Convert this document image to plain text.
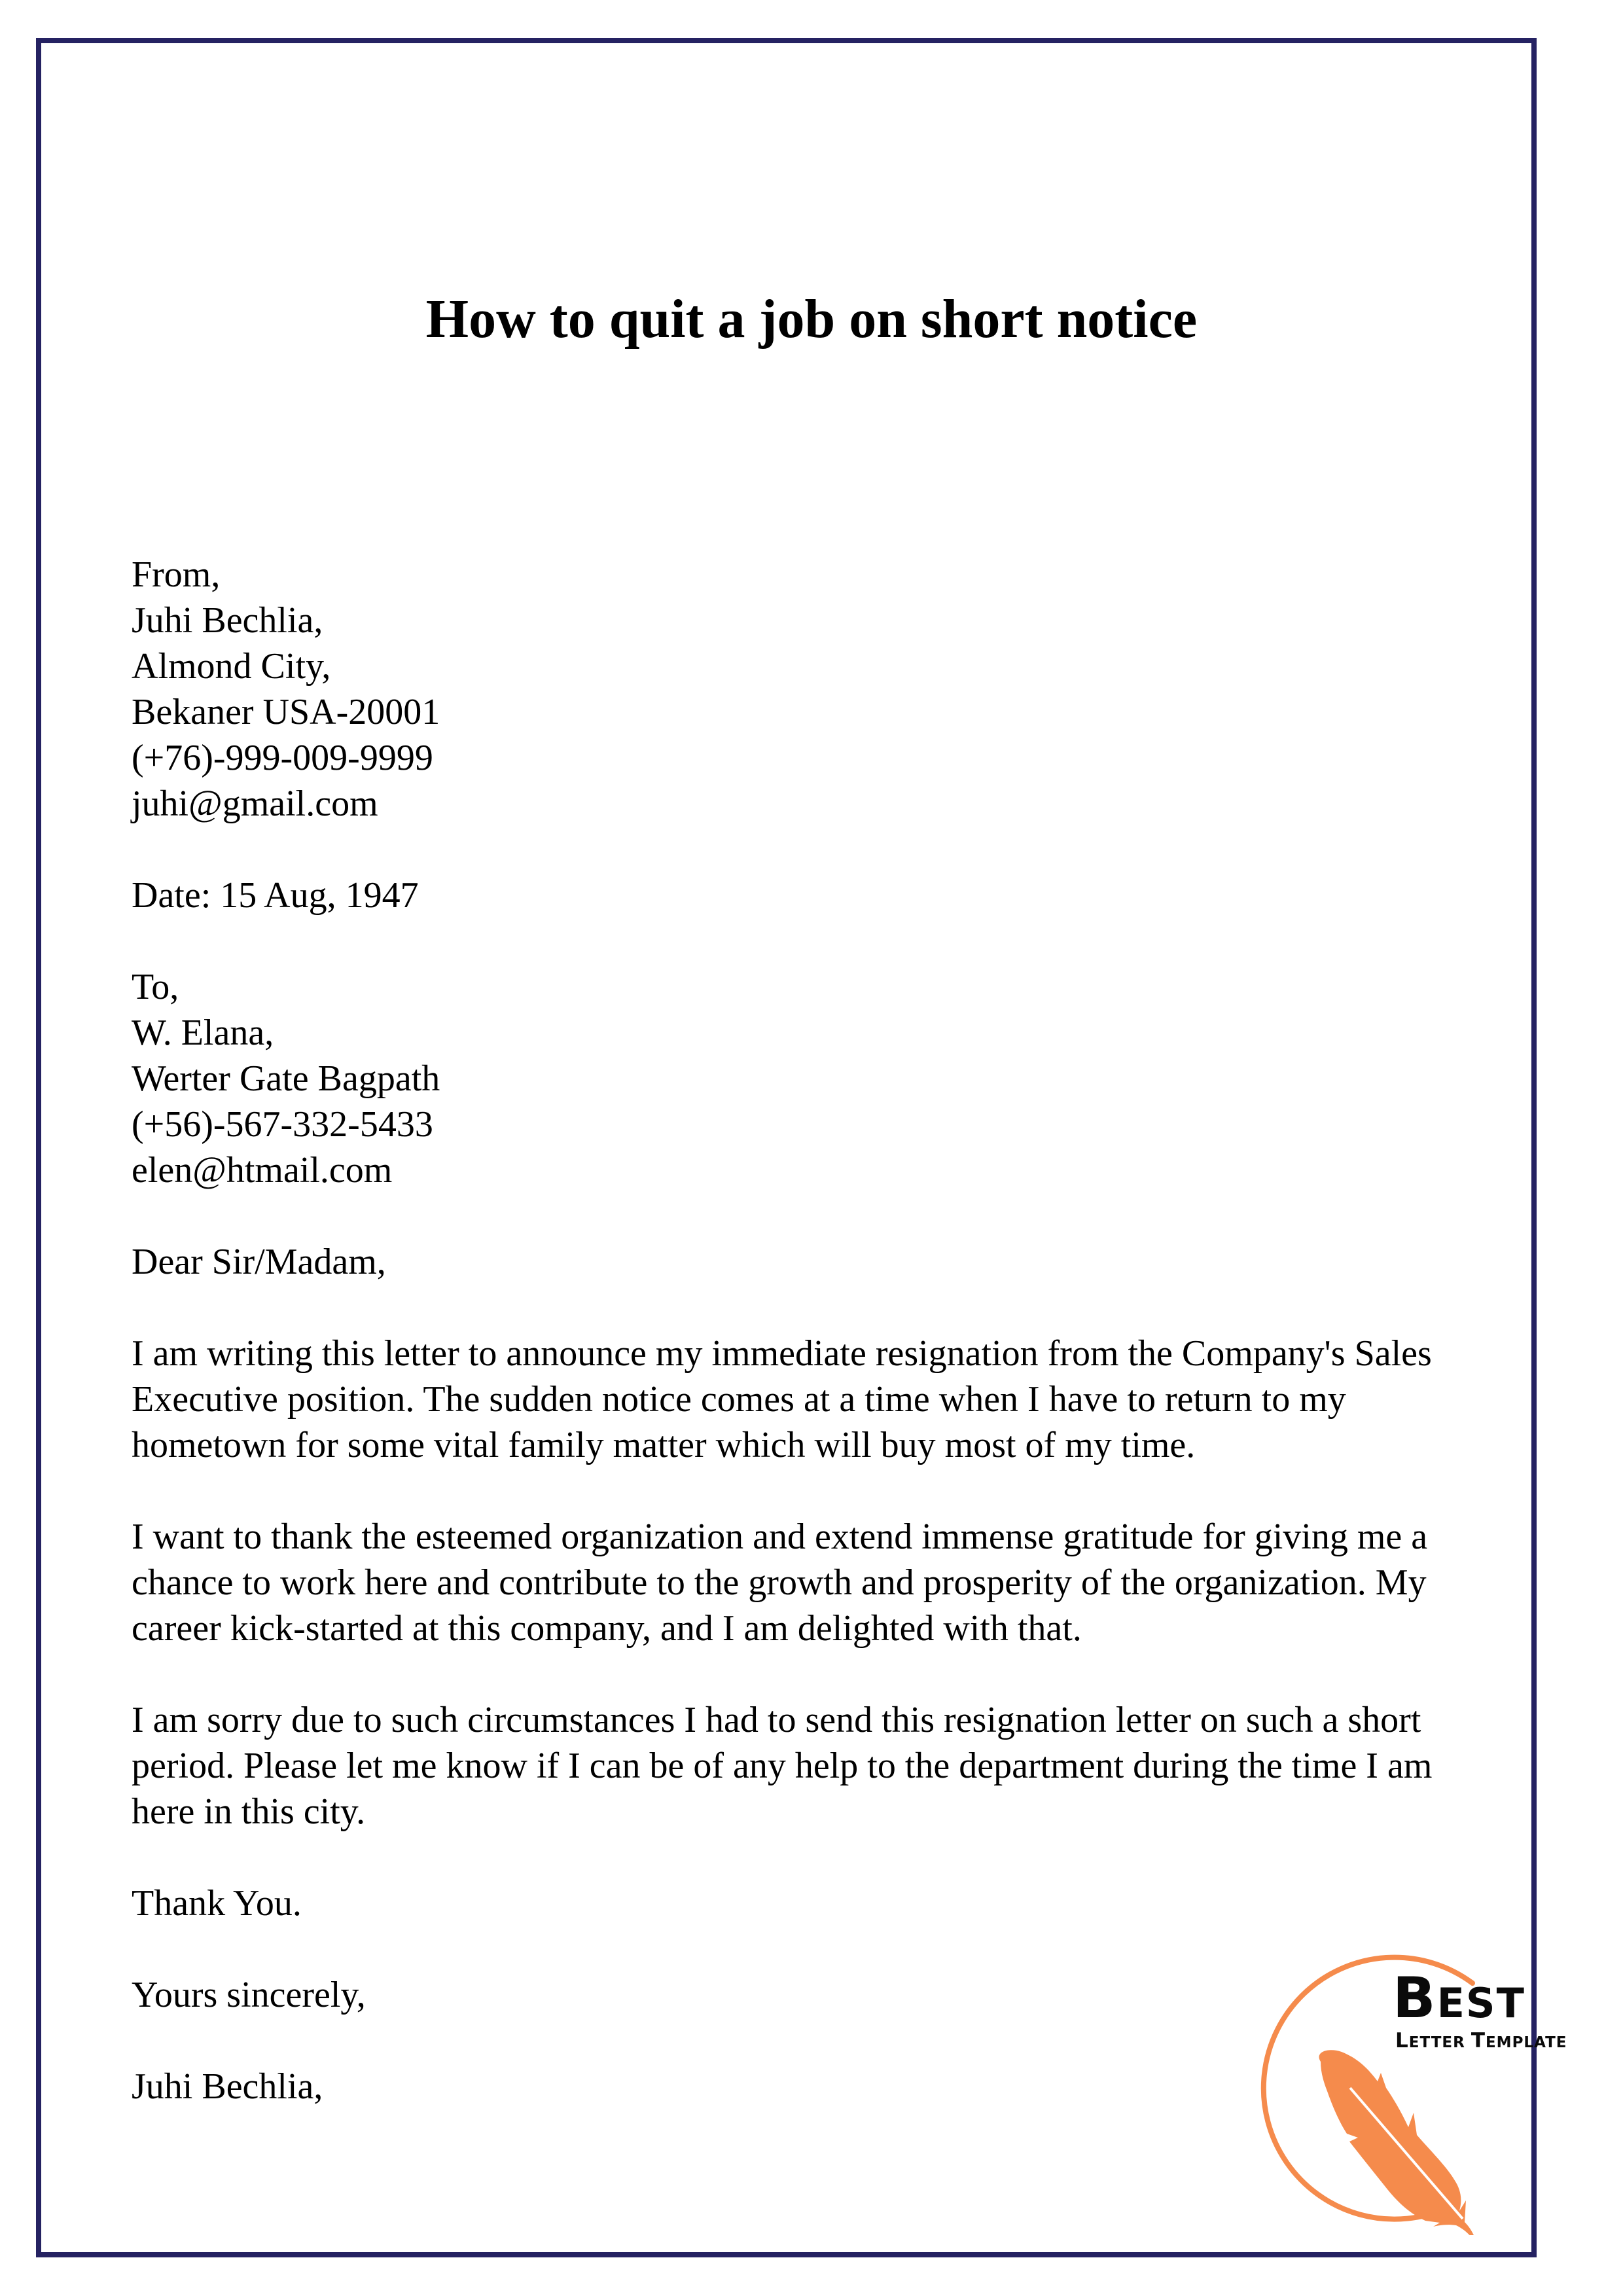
How to quit a job on short notice
From,
Juhi Bechlia,
Almond City,
Bekaner USA-20001
(+76)-999-009-9999
juhi@gmail.com
Date: 15 Aug, 1947
To,
W. Elana,
Werter Gate Bagpath
(+56)-567-332-5433
elen@htmail.com
Dear Sir/Madam,
I am writing this letter to announce my immediate resignation from the Company's Sales
Executive position. The sudden notice comes at a time when I have to return to my
hometown for some vital family matter which will buy most of my time.
I want to thank the esteemed organization and extend immense gratitude for giving me a
chance to work here and contribute to the growth and prosperity of the organization. My
career kick-started at this company, and I am delighted with that.
I am sorry due to such circumstances I had to send this resignation letter on such a short
period. Please let me know if I can be of any help to the department during the time I am
here in this city.
Thank You.
Yours sincerely,
Juhi Bechlia,
BEST
LETTER TEMPLATE
